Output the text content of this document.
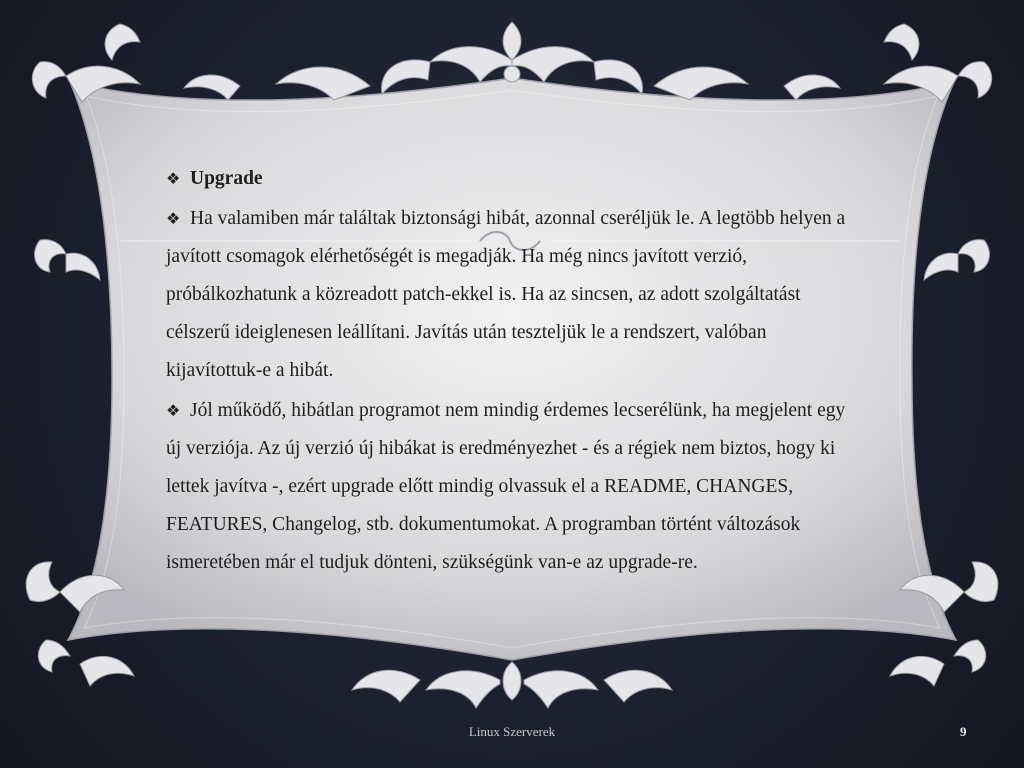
❖ Upgrade
❖ Ha valamiben már találtak biztonsági hibát, azonnal cseréljük le. A legtöbb helyen a javított csomagok elérhetőségét is megadják. Ha még nincs javított verzió, próbálkozhatunk a közreadott patch-ekkel is. Ha az sincsen, az adott szolgáltatást célszerű ideiglenesen leállítani. Javítás után teszteljük le a rendszert, valóban kijavítottuk-e a hibát.
❖ Jól működő, hibátlan programot nem mindig érdemes lecserélünk, ha megjelent egy új verziója. Az új verzió új hibákat is eredményezhet - és a régiek nem biztos, hogy ki lettek javítva -, ezért upgrade előtt mindig olvassuk el a README, CHANGES, FEATURES, Changelog, stb. dokumentumokat. A programban történt változások ismeretében már el tudjuk dönteni, szükségünk van-e az upgrade-re.
Linux Szerverek	9
